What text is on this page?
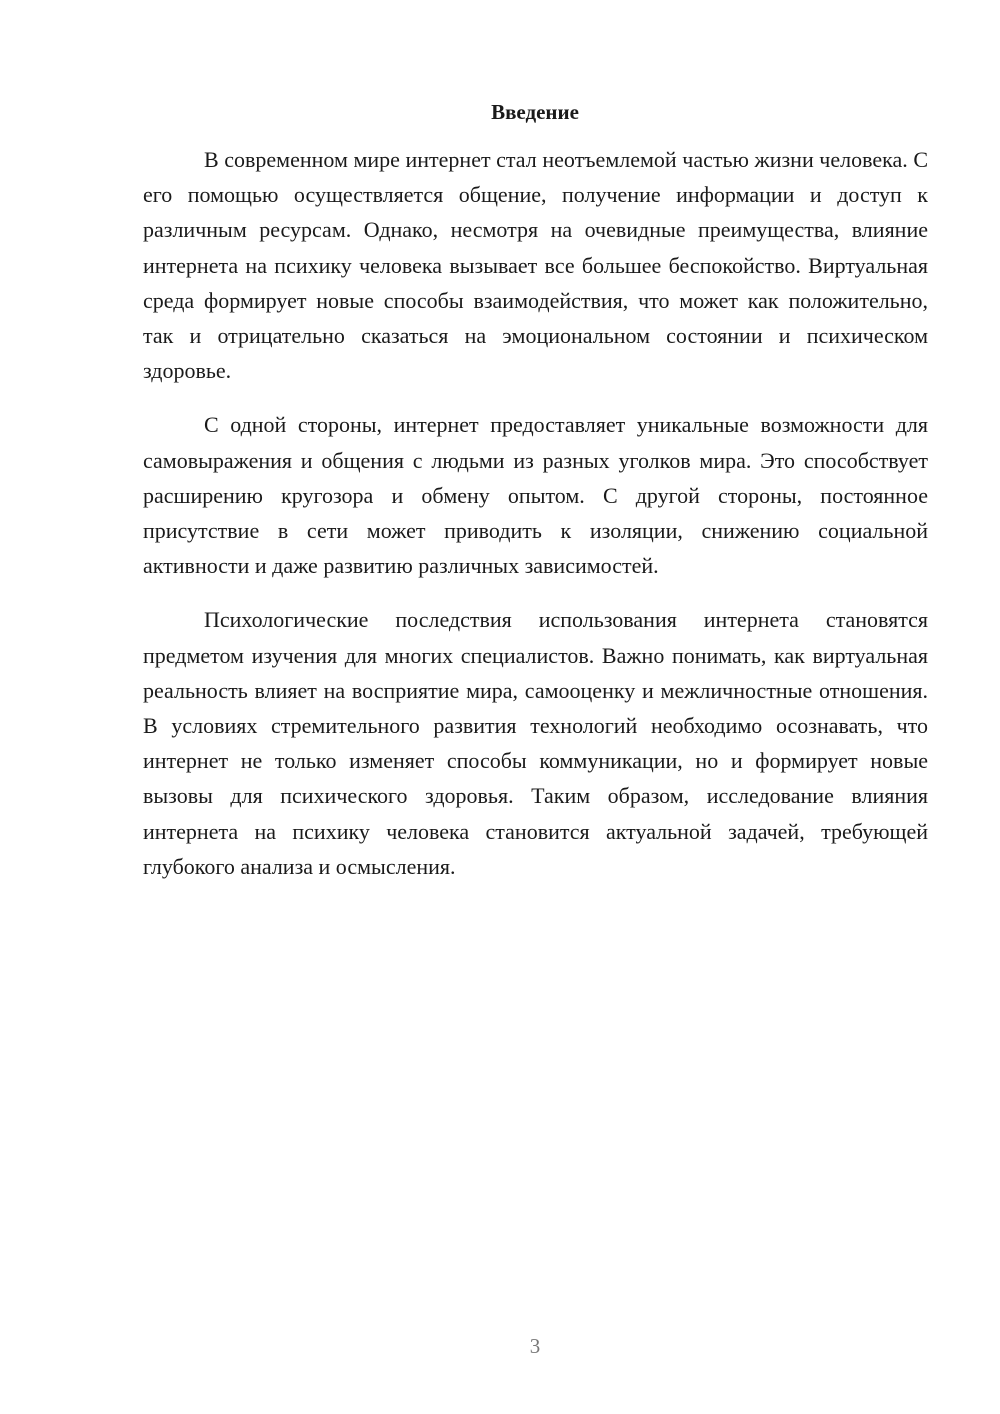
Введение

В современном мире интернет стал неотъемлемой частью жизни человека. С его помощью осуществляется общение, получение информации и доступ к различным ресурсам. Однако, несмотря на очевидные преимущества, влияние интернета на психику человека вызывает все большее беспокойство. Виртуальная среда формирует новые способы взаимодействия, что может как положительно, так и отрицательно сказаться на эмоциональном состоянии и психическом здоровье.

С одной стороны, интернет предоставляет уникальные возможности для самовыражения и общения с людьми из разных уголков мира. Это способствует расширению кругозора и обмену опытом. С другой стороны, постоянное присутствие в сети может приводить к изоляции, снижению социальной активности и даже развитию различных зависимостей.

Психологические последствия использования интернета становятся предметом изучения для многих специалистов. Важно понимать, как виртуальная реальность влияет на восприятие мира, самооценку и межличностные отношения. В условиях стремительного развития технологий необходимо осознавать, что интернет не только изменяет способы коммуникации, но и формирует новые вызовы для психического здоровья. Таким образом, исследование влияния интернета на психику человека становится актуальной задачей, требующей глубокого анализа и осмысления.

3
